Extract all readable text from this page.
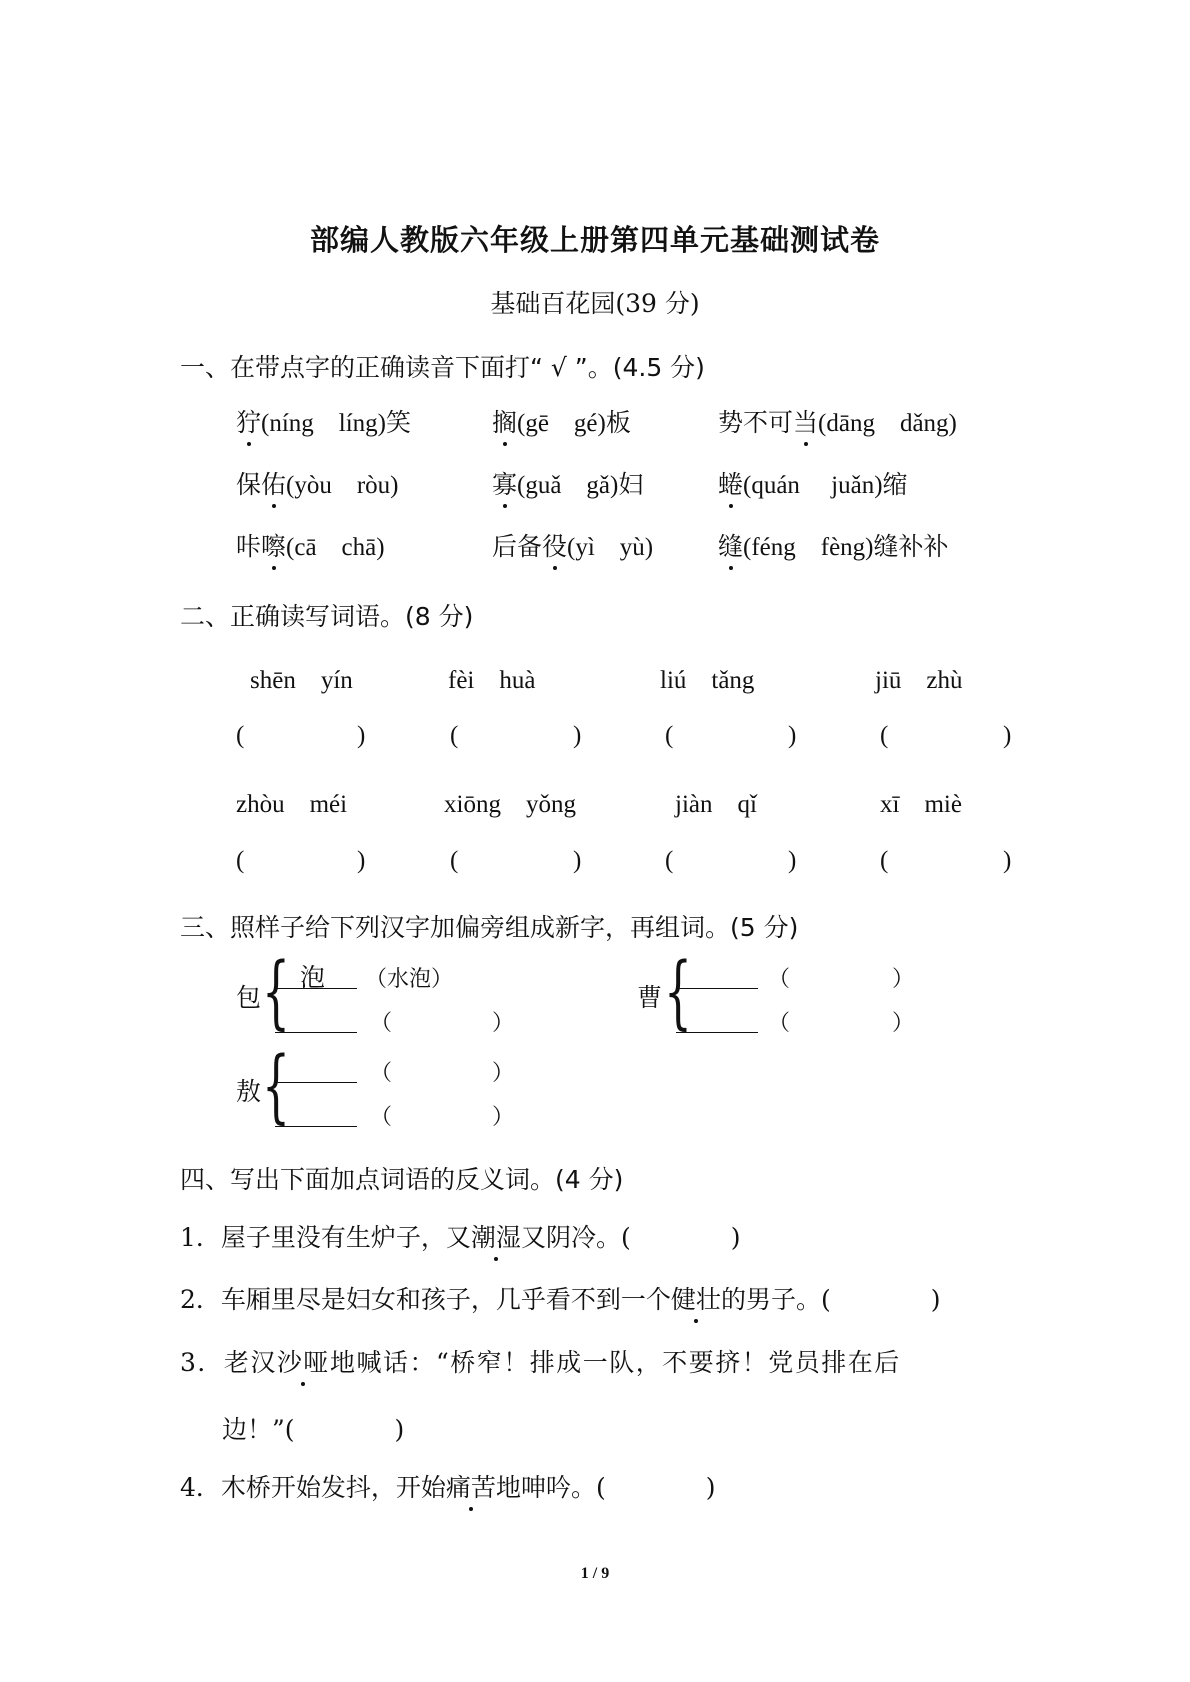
部编人教版六年级上册第四单元基础测试卷
基础百花园(39 分)
一、在带点字的正确读音下面打“ √ ”。(4.5 分)
狞(níng　líng)笑	搁(gē　gé)板	势不可当(dāng　dǎng)
保佑(yòu　ròu)	寡(guǎ　gǎ)妇	蜷(quán　 juǎn)缩
咔嚓(cā　chā)	后备役(yì　yù)	缝(féng　fèng)缝补补
二、正确读写词语。(8 分)
shēn　yín	fèi　huà	liú　tǎng	jiū　zhù
(	)	(	)	(	)	(	)
zhòu　méi	xiōng　yǒng	jiàn　qǐ	xī　miè
(	)	(	)	(	)	(	)
三、照样子给下列汉字加偏旁组成新字，再组词。(5 分)
包 { 泡 （水泡）
（	）
曹 {	（	）
（	）
敖 {	（	）
（	）
四、写出下面加点词语的反义词。(4 分)
1．屋子里没有生炉子，又潮湿又阴冷。(　　　　)
2．车厢里尽是妇女和孩子，几乎看不到一个健壮的男子。(　　　　)
3．老汉沙哑地喊话：“桥窄！排成一队，不要挤！党员排在后
边！”(　　　　)
4．木桥开始发抖，开始痛苦地呻吟。(　　　　)
1 / 9
